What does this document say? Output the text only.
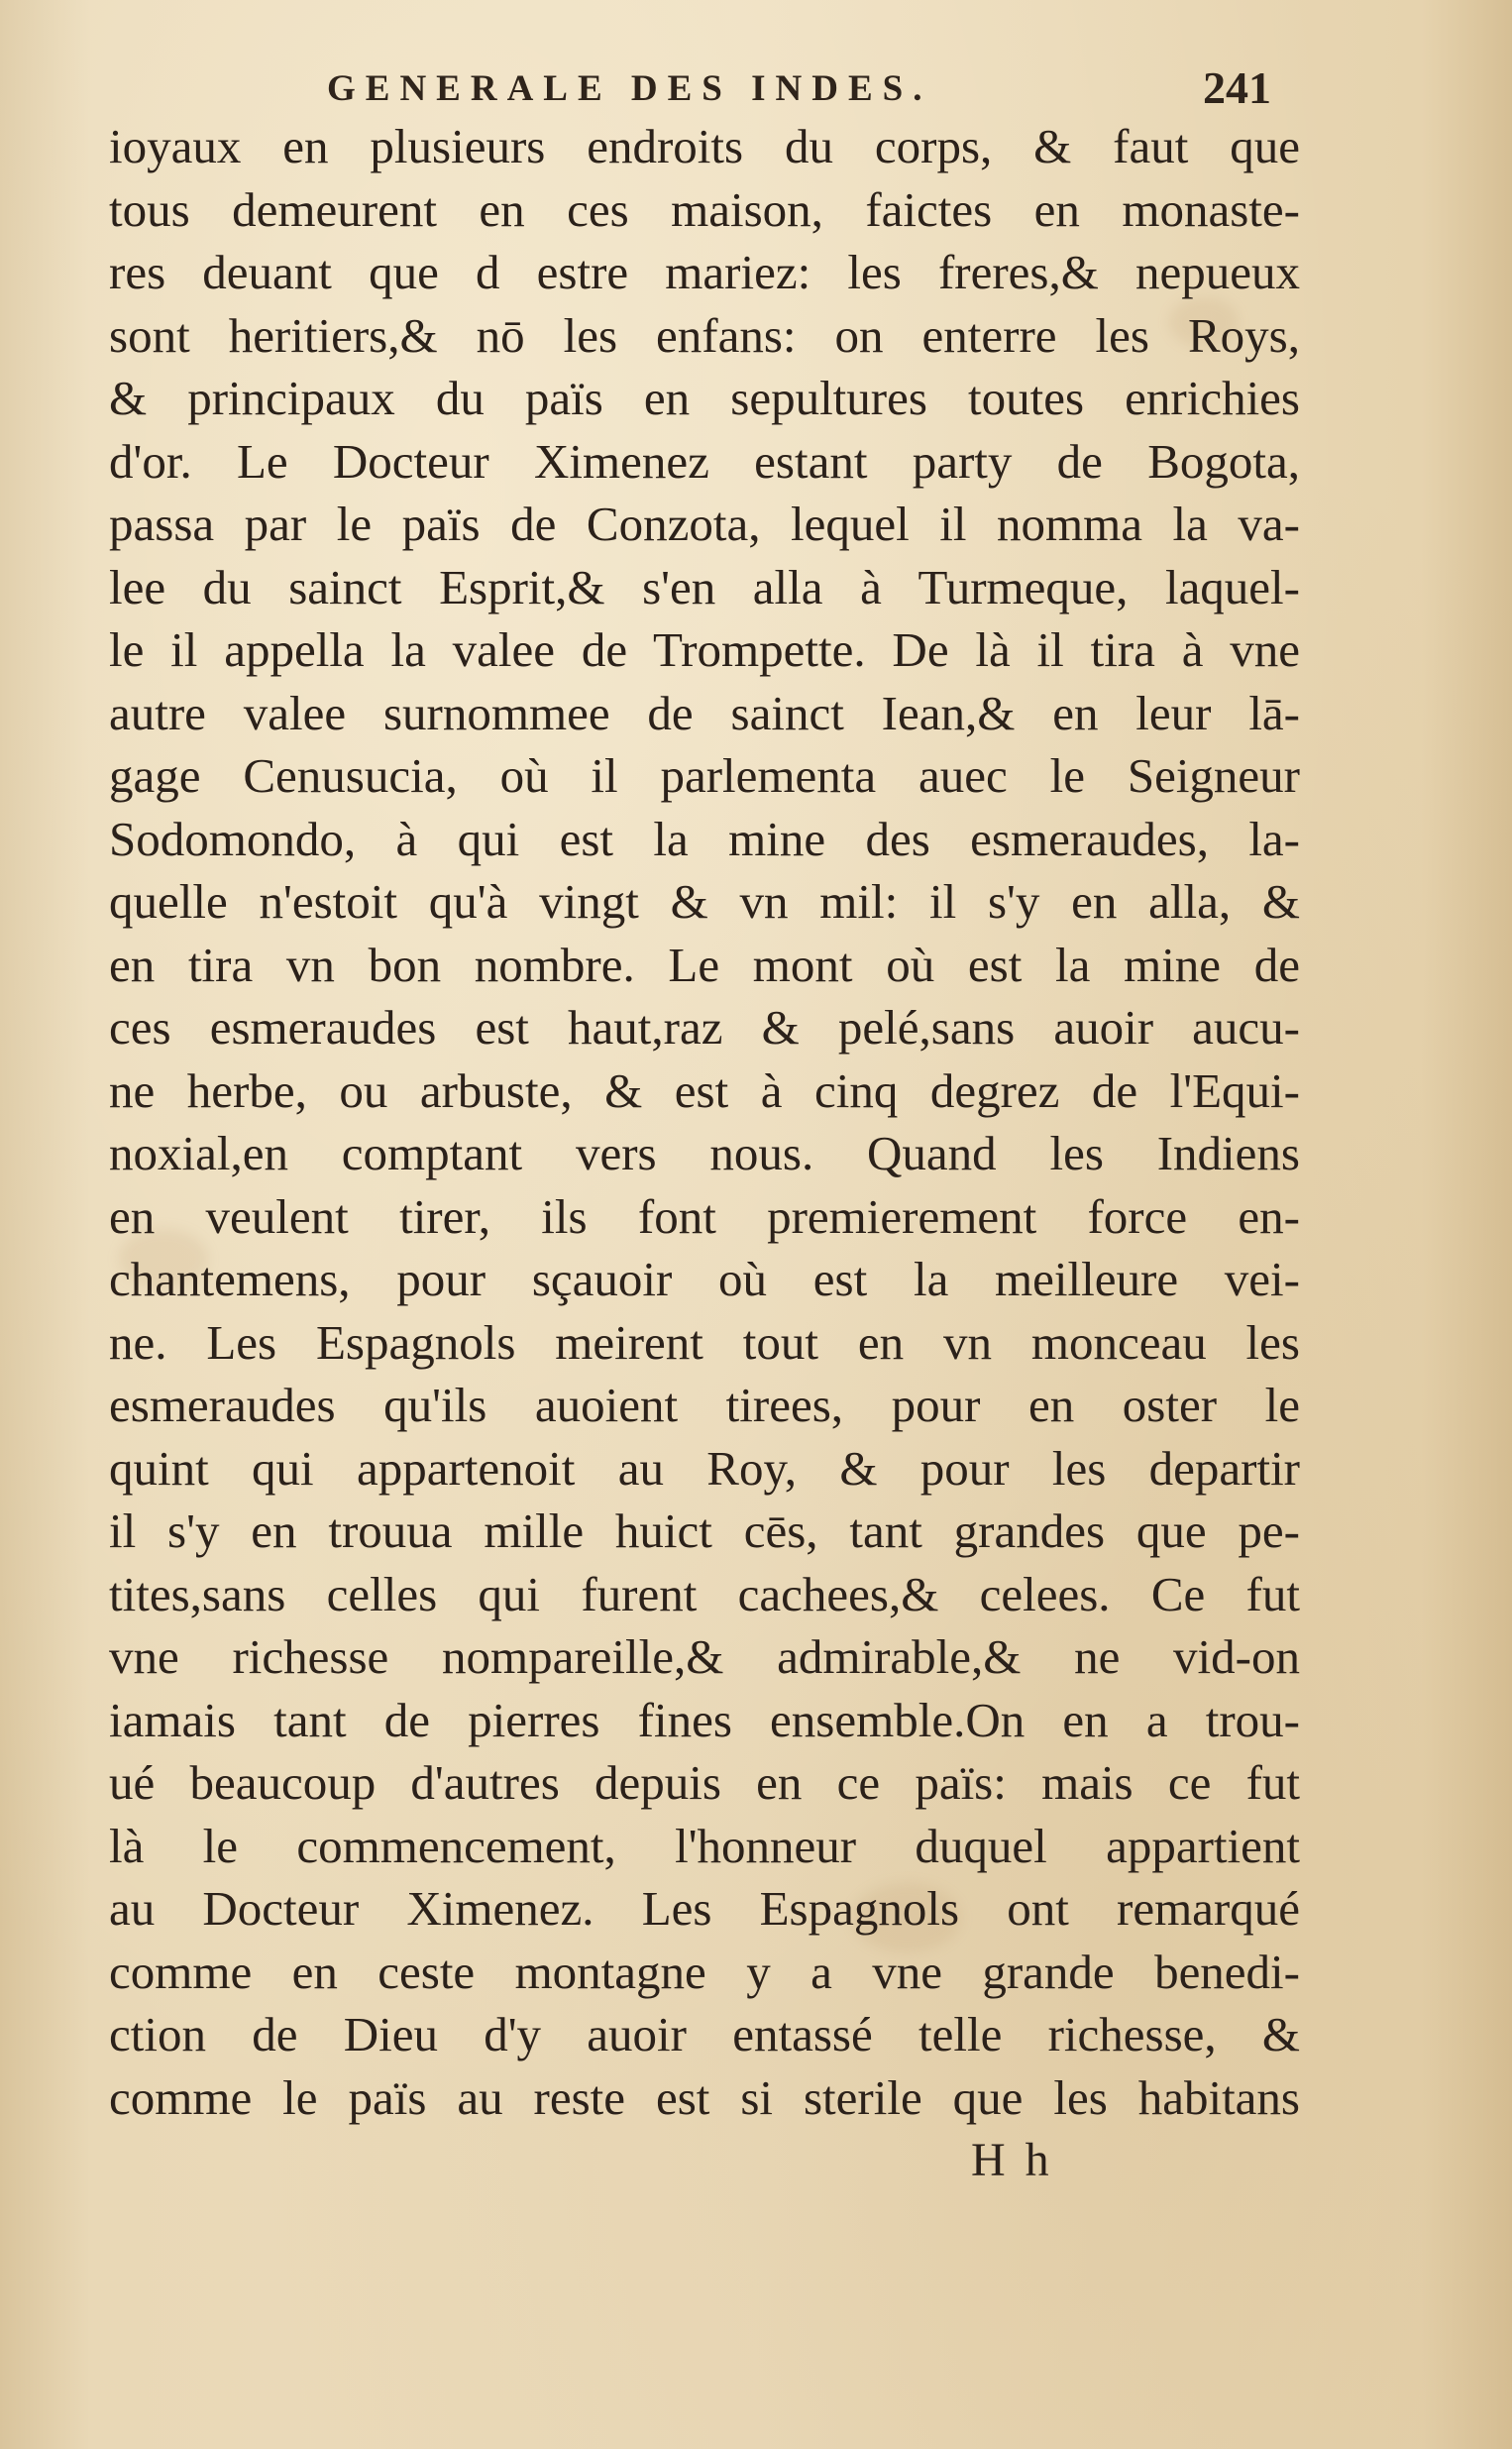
GENERALE DES INDES.	241
ioyaux en plusieurs endroits du corps, & faut que
tous demeurent en ces maison, faictes en monaste-
res deuant que d estre mariez: les freres,& nepueux
sont heritiers,& nō les enfans: on enterre les Roys,
& principaux du païs en sepultures toutes enrichies
d'or. Le Docteur Ximenez estant party de Bogota,
passa par le païs de Conzota, lequel il nomma la va-
lee du sainct Esprit,& s'en alla à Turmeque, laquel-
le il appella la valee de Trompette. De là il tira à vne
autre valee surnommee de sainct Iean,& en leur lā-
gage Cenusucia, où il parlementa auec le Seigneur
Sodomondo, à qui est la mine des esmeraudes, la-
quelle n'estoit qu'à vingt & vn mil: il s'y en alla, &
en tira vn bon nombre. Le mont où est la mine de
ces esmeraudes est haut,raz & pelé,sans auoir aucu-
ne herbe, ou arbuste, & est à cinq degrez de l'Equi-
noxial,en comptant vers nous. Quand les Indiens
en veulent tirer, ils font premierement force en-
chantemens, pour sçauoir où est la meilleure vei-
ne. Les Espagnols meirent tout en vn monceau les
esmeraudes qu'ils auoient tirees, pour en oster le
quint qui appartenoit au Roy, & pour les departir
il s'y en trouua mille huict cēs, tant grandes que pe-
tites,sans celles qui furent cachees,& celees. Ce fut
vne richesse nompareille,& admirable,& ne vid-on
iamais tant de pierres fines ensemble.On en a trou-
ué beaucoup d'autres depuis en ce païs: mais ce fut
là le commencement, l'honneur duquel appartient
au Docteur Ximenez. Les Espagnols ont remarqué
comme en ceste montagne y a vne grande benedi-
ction de Dieu d'y auoir entassé telle richesse, &
comme le païs au reste est si sterile que les habitans
H h
